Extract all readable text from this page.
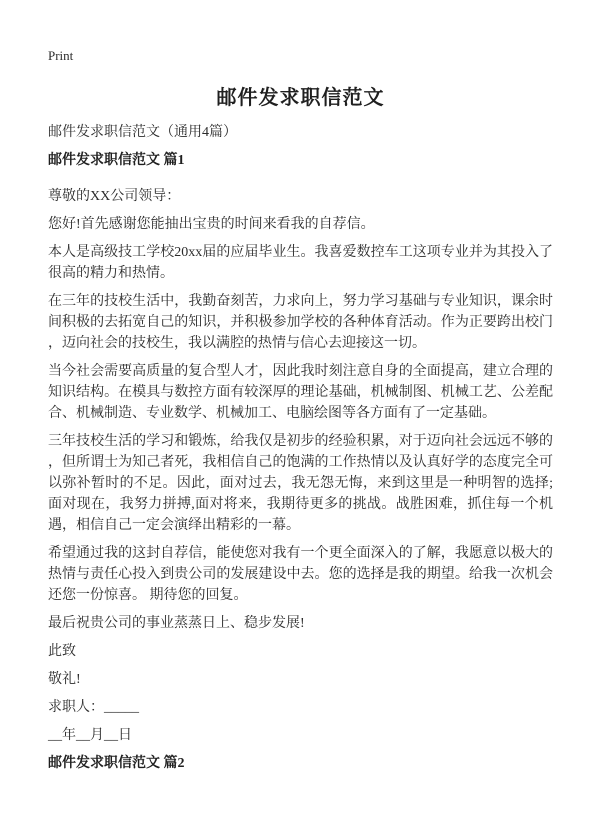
Print
邮件发求职信范文

邮件发求职信范文（通用4篇）

邮件发求职信范文 篇1

尊敬的XX公司领导：

您好!首先感谢您能抽出宝贵的时间来看我的自荐信。

本人是高级技工学校20xx届的应届毕业生。我喜爱数控车工这项专业并为其投入了很高的精力和热情。

在三年的技校生活中，我勤奋刻苦，力求向上，努力学习基础与专业知识，课余时间积极的去拓宽自己的知识，并积极参加学校的各种体育活动。作为正要跨出校门，迈向社会的技校生，我以满腔的热情与信心去迎接这一切。

当今社会需要高质量的复合型人才，因此我时刻注意自身的全面提高，建立合理的知识结构。在模具与数控方面有较深厚的理论基础，机械制图、机械工艺、公差配合、机械制造、专业数学、机械加工、电脑绘图等各方面有了一定基础。

三年技校生活的学习和锻炼，给我仅是初步的经验积累，对于迈向社会远远不够的，但所谓士为知己者死，我相信自己的饱满的工作热情以及认真好学的态度完全可以弥补暂时的不足。因此，面对过去，我无怨无悔，来到这里是一种明智的选择;面对现在，我努力拼搏,面对将来，我期待更多的挑战。战胜困难，抓住每一个机遇，相信自己一定会演绎出精彩的一幕。

希望通过我的这封自荐信，能使您对我有一个更全面深入的了解，我愿意以极大的热情与责任心投入到贵公司的发展建设中去。您的选择是我的期望。给我一次机会还您一份惊喜。 期待您的回复。

最后祝贵公司的事业蒸蒸日上、稳步发展!

此致

敬礼!

求职人：_____

__年__月__日

邮件发求职信范文 篇2
